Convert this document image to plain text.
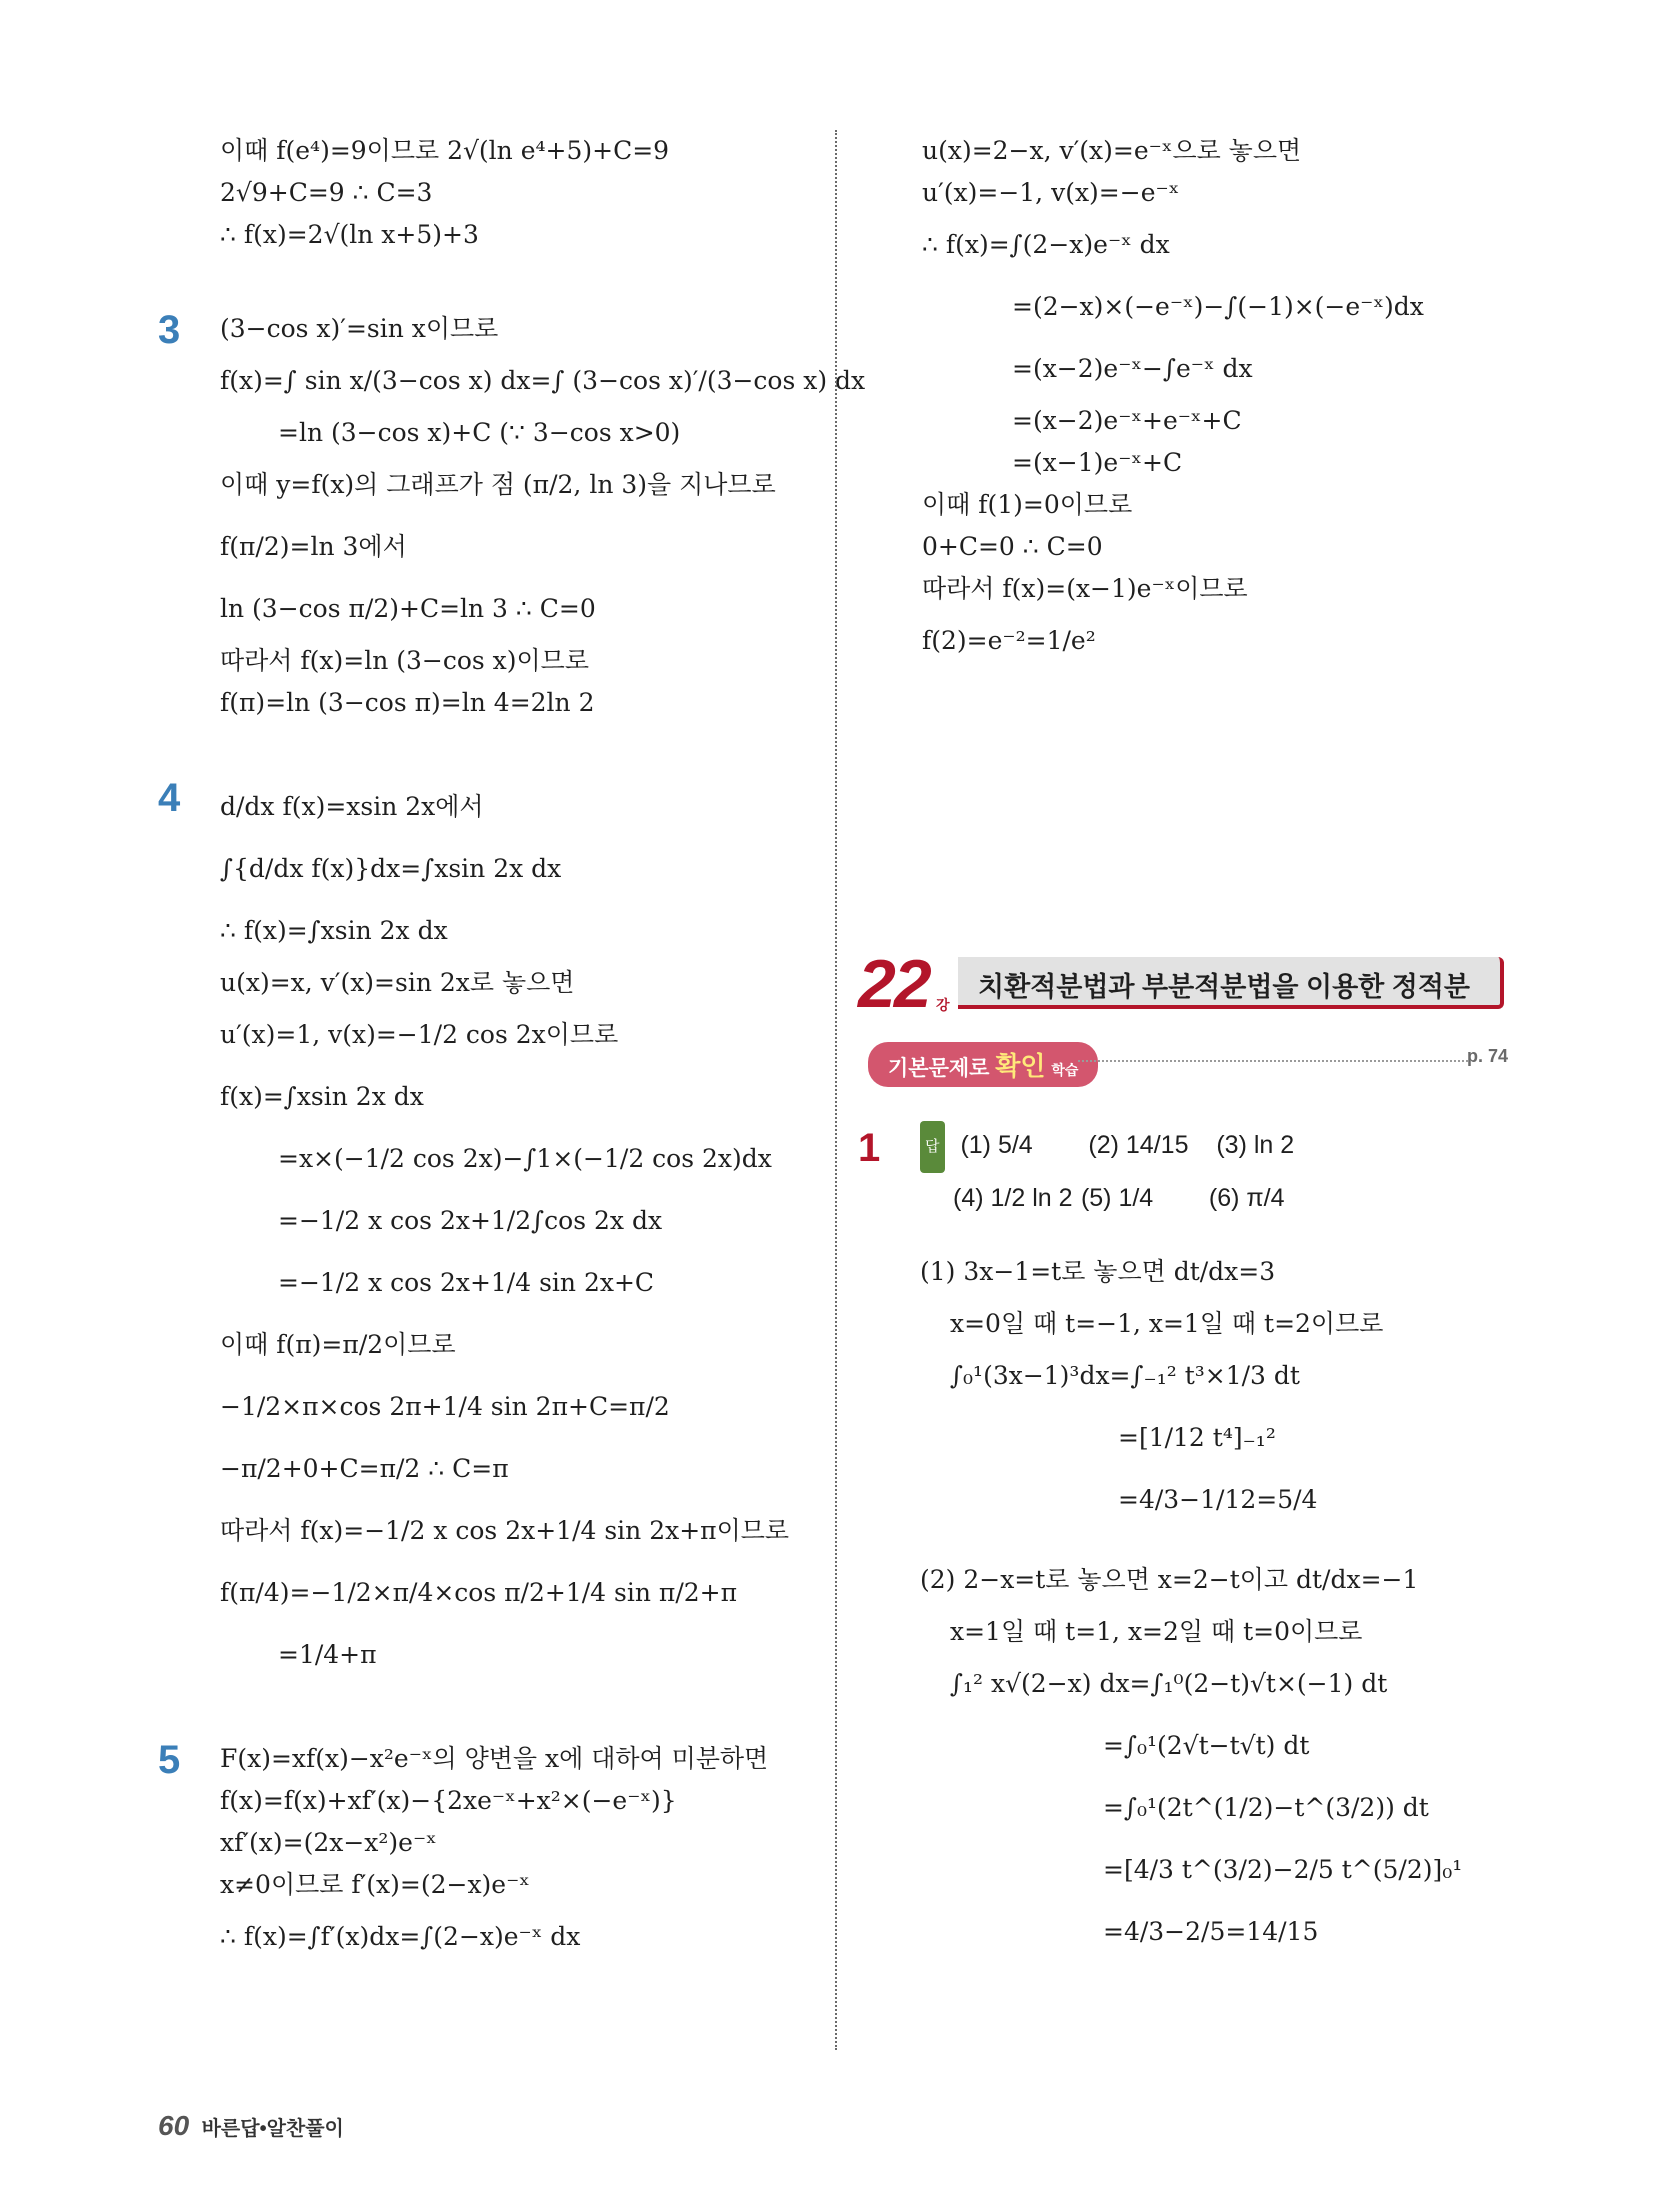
이때 f(e⁴)=9이므로 2√(ln e⁴+5)+C=9
2√9+C=9 ∴ C=3
∴ f(x)=2√(ln x+5)+3
3 (3−cos x)′=sin x이므로
f(x)=∫ sin x/(3−cos x) dx=∫ (3−cos x)′/(3−cos x) dx
=ln (3−cos x)+C (∵ 3−cos x>0)
이때 y=f(x)의 그래프가 점 (π/2, ln 3)을 지나므로
f(π/2)=ln 3에서
ln (3−cos π/2)+C=ln 3 ∴ C=0
따라서 f(x)=ln (3−cos x)이므로
f(π)=ln (3−cos π)=ln 4=2ln 2
4 d/dx f(x)=xsin 2x에서
∫{d/dx f(x)}dx=∫xsin 2x dx
∴ f(x)=∫xsin 2x dx
u(x)=x, v′(x)=sin 2x로 놓으면
u′(x)=1, v(x)=−1/2 cos 2x이므로
f(x)=∫xsin 2x dx
=x×(−1/2 cos 2x)−∫1×(−1/2 cos 2x)dx
=−1/2 x cos 2x+1/2∫cos 2x dx
=−1/2 x cos 2x+1/4 sin 2x+C
이때 f(π)=π/2이므로
−1/2×π×cos 2π+1/4 sin 2π+C=π/2
−π/2+0+C=π/2 ∴ C=π
따라서 f(x)=−1/2 x cos 2x+1/4 sin 2x+π이므로
f(π/4)=−1/2×π/4×cos π/2+1/4 sin π/2+π
=1/4+π
5 F(x)=xf(x)−x²e⁻ˣ의 양변을 x에 대하여 미분하면
f(x)=f(x)+xf′(x)−{2xe⁻ˣ+x²×(−e⁻ˣ)}
xf′(x)=(2x−x²)e⁻ˣ
x≠0이므로 f′(x)=(2−x)e⁻ˣ
∴ f(x)=∫f′(x)dx=∫(2−x)e⁻ˣ dx
u(x)=2−x, v′(x)=e⁻ˣ으로 놓으면
u′(x)=−1, v(x)=−e⁻ˣ
∴ f(x)=∫(2−x)e⁻ˣ dx
=(2−x)×(−e⁻ˣ)−∫(−1)×(−e⁻ˣ)dx
=(x−2)e⁻ˣ−∫e⁻ˣ dx
=(x−2)e⁻ˣ+e⁻ˣ+C
=(x−1)e⁻ˣ+C
이때 f(1)=0이므로
0+C=0 ∴ C=0
따라서 f(x)=(x−1)e⁻ˣ이므로
f(2)=e⁻²=1/e²
22 강
치환적분법과 부분적분법을 이용한 정적분
기본문제로 확인 학습
p. 74
1	답 (1) 5/4 (2) 14/15 (3) ln 2
(4) 1/2 ln 2 (5) 1/4 (6) π/4
(1) 3x−1=t로 놓으면 dt/dx=3
x=0일 때 t=−1, x=1일 때 t=2이므로
∫₀¹(3x−1)³dx=∫₋₁² t³×1/3 dt
=[1/12 t⁴]₋₁²
=4/3−1/12=5/4
(2) 2−x=t로 놓으면 x=2−t이고 dt/dx=−1
x=1일 때 t=1, x=2일 때 t=0이므로
∫₁² x√(2−x) dx=∫₁⁰(2−t)√t×(−1) dt
=∫₀¹(2√t−t√t) dt
=∫₀¹(2t^(1/2)−t^(3/2)) dt
=[4/3 t^(3/2)−2/5 t^(5/2)]₀¹
=4/3−2/5=14/15
60 바른답•알찬풀이
